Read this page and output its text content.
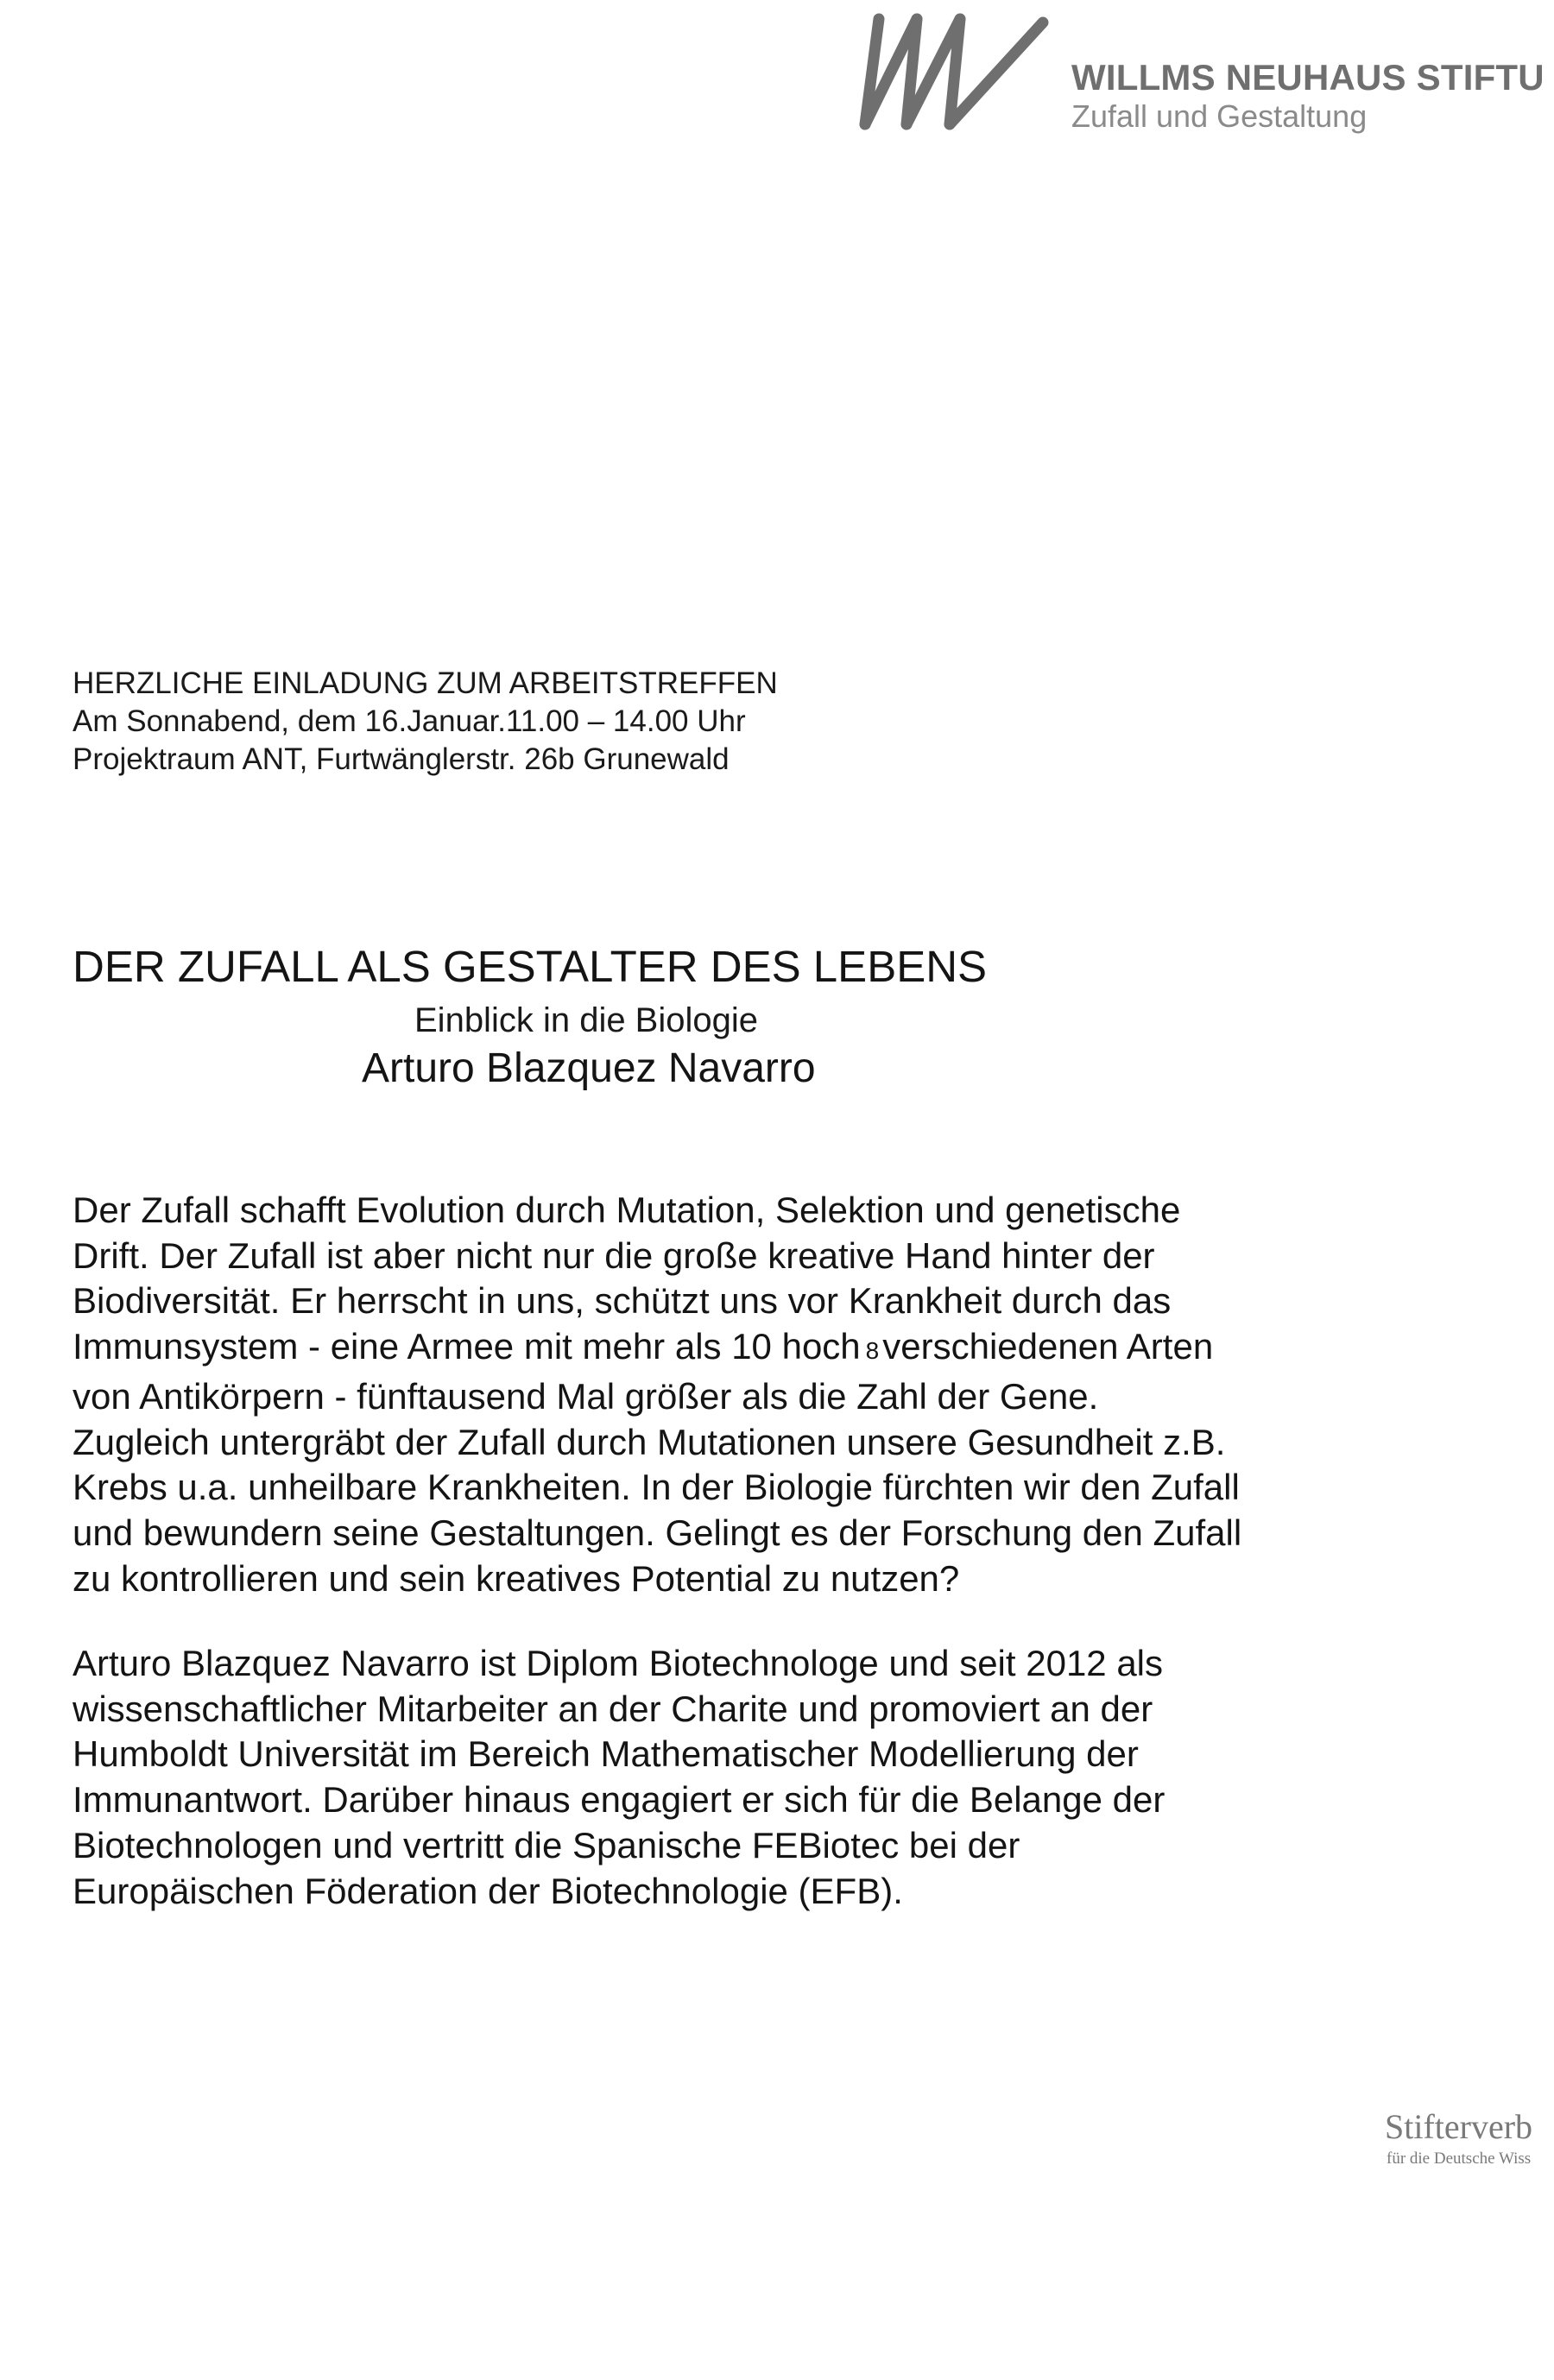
WILLMS NEUHAUS STIFTU
Zufall und Gestaltung
HERZLICHE EINLADUNG ZUM ARBEITSTREFFEN
Am Sonnabend, dem 16.Januar.11.00 – 14.00 Uhr
Projektraum ANT, Furtwänglerstr. 26b Grunewald
DER ZUFALL ALS GESTALTER DES LEBENS
Einblick in die Biologie
Arturo Blazquez Navarro
Der Zufall schafft Evolution durch Mutation, Selektion und genetische
Drift. Der Zufall ist aber nicht nur die große kreative Hand hinter der
Biodiversität. Er herrscht in uns, schützt uns vor Krankheit durch das
Immunsystem - eine Armee mit mehr als 10 hoch 8verschiedenen Arten
von Antikörpern - fünftausend Mal größer als die Zahl der Gene.
Zugleich untergräbt der Zufall durch Mutationen unsere Gesundheit z.B.
Krebs u.a. unheilbare Krankheiten. In der Biologie fürchten wir den Zufall
und bewundern seine Gestaltungen. Gelingt es der Forschung den Zufall
zu kontrollieren und sein kreatives Potential zu nutzen?
Arturo Blazquez Navarro ist Diplom Biotechnologe und seit 2012 als
wissenschaftlicher Mitarbeiter an der Charite und promoviert an der
Humboldt Universität im Bereich Mathematischer Modellierung der
Immunantwort. Darüber hinaus engagiert er sich für die Belange der
Biotechnologen und vertritt die Spanische FEBiotec bei der
Europäischen Föderation der Biotechnologie (EFB).
Stifterverb
für die Deutsche Wiss
